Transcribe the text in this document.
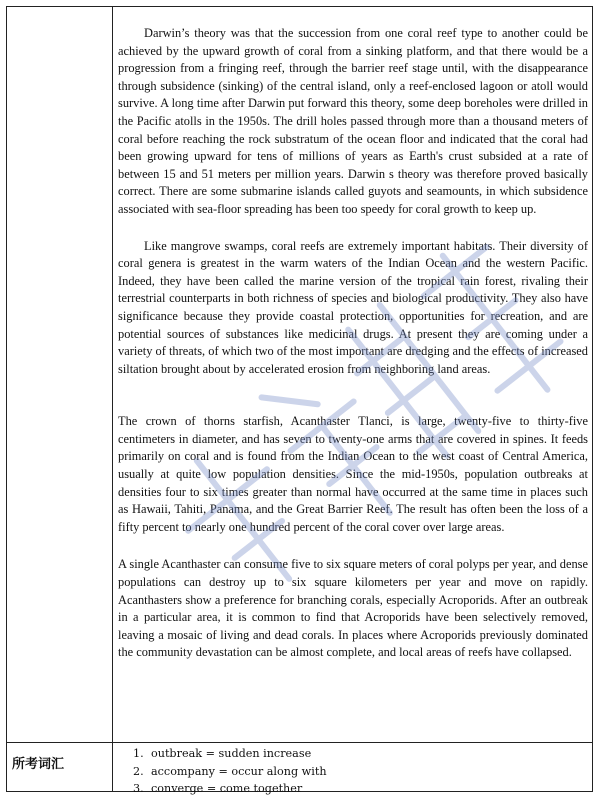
Darwin’s theory was that the succession from one coral reef type to another could be achieved by the upward growth of coral from a sinking platform, and that there would be a progression from a fringing reef, through the barrier reef stage until, with the disappearance through subsidence (sinking) of the central island, only a reef-enclosed lagoon or atoll would survive. A long time after Darwin put forward this theory, some deep boreholes were drilled in the Pacific atolls in the 1950s. The drill holes passed through more than a thousand meters of coral before reaching the rock substratum of the ocean floor and indicated that the coral had been growing upward for tens of millions of years as Earth's crust subsided at a rate of between 15 and 51 meters per million years. Darwin s theory was therefore proved basically correct. There are some submarine islands called guyots and seamounts, in which subsidence associated with sea-floor spreading has been too speedy for coral growth to keep up.

Like mangrove swamps, coral reefs are extremely important habitats. Their diversity of coral genera is greatest in the warm waters of the Indian Ocean and the western Pacific. Indeed, they have been called the marine version of the tropical rain forest, rivaling their terrestrial counterparts in both richness of species and biological productivity. They also have significance because they provide coastal protection, opportunities for recreation, and are potential sources of substances like medicinal drugs. At present they are coming under a variety of threats, of which two of the most important are dredging and the effects of increased siltation brought about by accelerated erosion from neighboring land areas.

The crown of thorns starfish, Acanthaster Tlanci, is large, twenty-five to thirty-five centimeters in diameter, and has seven to twenty-one arms that are covered in spines. It feeds primarily on coral and is found from the Indian Ocean to the west coast of Central America, usually at quite low population densities. Since the mid-1950s, population outbreaks at densities four to six times greater than normal have occurred at the same time in places such as Hawaii, Tahiti, Panama, and the Great Barrier Reef. The result has often been the loss of a fifty percent to nearly one hundred percent of the coral cover over large areas.

A single Acanthaster can consume five to six square meters of coral polyps per year, and dense populations can destroy up to six square kilometers per year and move on rapidly. Acanthasters show a preference for branching corals, especially Acroporids. After an outbreak in a particular area, it is common to find that Acroporids have been selectively removed, leaving a mosaic of living and dead corals. In places where Acroporids previously dominated the community devastation can be almost complete, and local areas of reefs have collapsed.

所考词汇
1. outbreak = sudden increase
2. accompany = occur along with
3. converge = come together
